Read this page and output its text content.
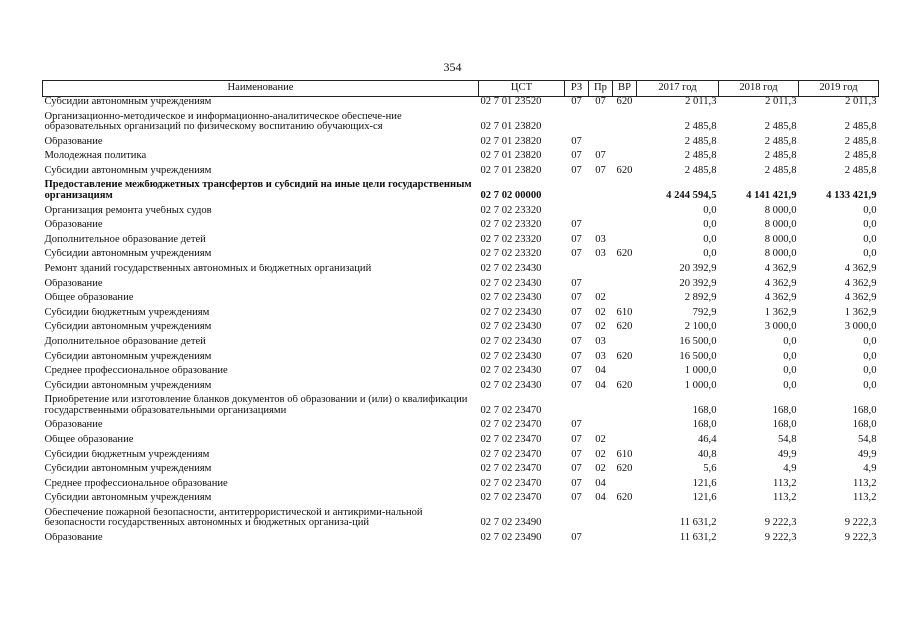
354
Наименование	ЦСТ	РЗ	Пр	ВР	2017 год	2018 год	2019 год
Субсидии автономным учреждениям	02 7 01 23520	07	07	620	2 011,3	2 011,3	2 011,3
Организационно-методическое и информационно-аналитическое обеспече-ние образовательных организаций по физическому воспитанию обучающих-ся	02 7 01 23820				2 485,8	2 485,8	2 485,8
Образование	02 7 01 23820	07			2 485,8	2 485,8	2 485,8
Молодежная политика	02 7 01 23820	07	07		2 485,8	2 485,8	2 485,8
Субсидии автономным учреждениям	02 7 01 23820	07	07	620	2 485,8	2 485,8	2 485,8
Предоставление межбюджетных трансфертов и субсидий на иные цели государственным организациям	02 7 02 00000				4 244 594,5	4 141 421,9	4 133 421,9
Организация ремонта учебных судов	02 7 02 23320				0,0	8 000,0	0,0
Образование	02 7 02 23320	07			0,0	8 000,0	0,0
Дополнительное образование детей	02 7 02 23320	07	03		0,0	8 000,0	0,0
Субсидии автономным учреждениям	02 7 02 23320	07	03	620	0,0	8 000,0	0,0
Ремонт зданий государственных автономных и бюджетных организаций	02 7 02 23430				20 392,9	4 362,9	4 362,9
Образование	02 7 02 23430	07			20 392,9	4 362,9	4 362,9
Общее образование	02 7 02 23430	07	02		2 892,9	4 362,9	4 362,9
Субсидии бюджетным учреждениям	02 7 02 23430	07	02	610	792,9	1 362,9	1 362,9
Субсидии автономным учреждениям	02 7 02 23430	07	02	620	2 100,0	3 000,0	3 000,0
Дополнительное образование детей	02 7 02 23430	07	03		16 500,0	0,0	0,0
Субсидии автономным учреждениям	02 7 02 23430	07	03	620	16 500,0	0,0	0,0
Среднее профессиональное образование	02 7 02 23430	07	04		1 000,0	0,0	0,0
Субсидии автономным учреждениям	02 7 02 23430	07	04	620	1 000,0	0,0	0,0
Приобретение или изготовление бланков документов об образовании и (или) о квалификации государственными образовательными организациями	02 7 02 23470				168,0	168,0	168,0
Образование	02 7 02 23470	07			168,0	168,0	168,0
Общее образование	02 7 02 23470	07	02		46,4	54,8	54,8
Субсидии бюджетным учреждениям	02 7 02 23470	07	02	610	40,8	49,9	49,9
Субсидии автономным учреждениям	02 7 02 23470	07	02	620	5,6	4,9	4,9
Среднее профессиональное образование	02 7 02 23470	07	04		121,6	113,2	113,2
Субсидии автономным учреждениям	02 7 02 23470	07	04	620	121,6	113,2	113,2
Обеспечение пожарной безопасности, антитеррористической и антикрими-нальной безопасности государственных автономных и бюджетных организа-ций	02 7 02 23490				11 631,2	9 222,3	9 222,3
Образование	02 7 02 23490	07			11 631,2	9 222,3	9 222,3
